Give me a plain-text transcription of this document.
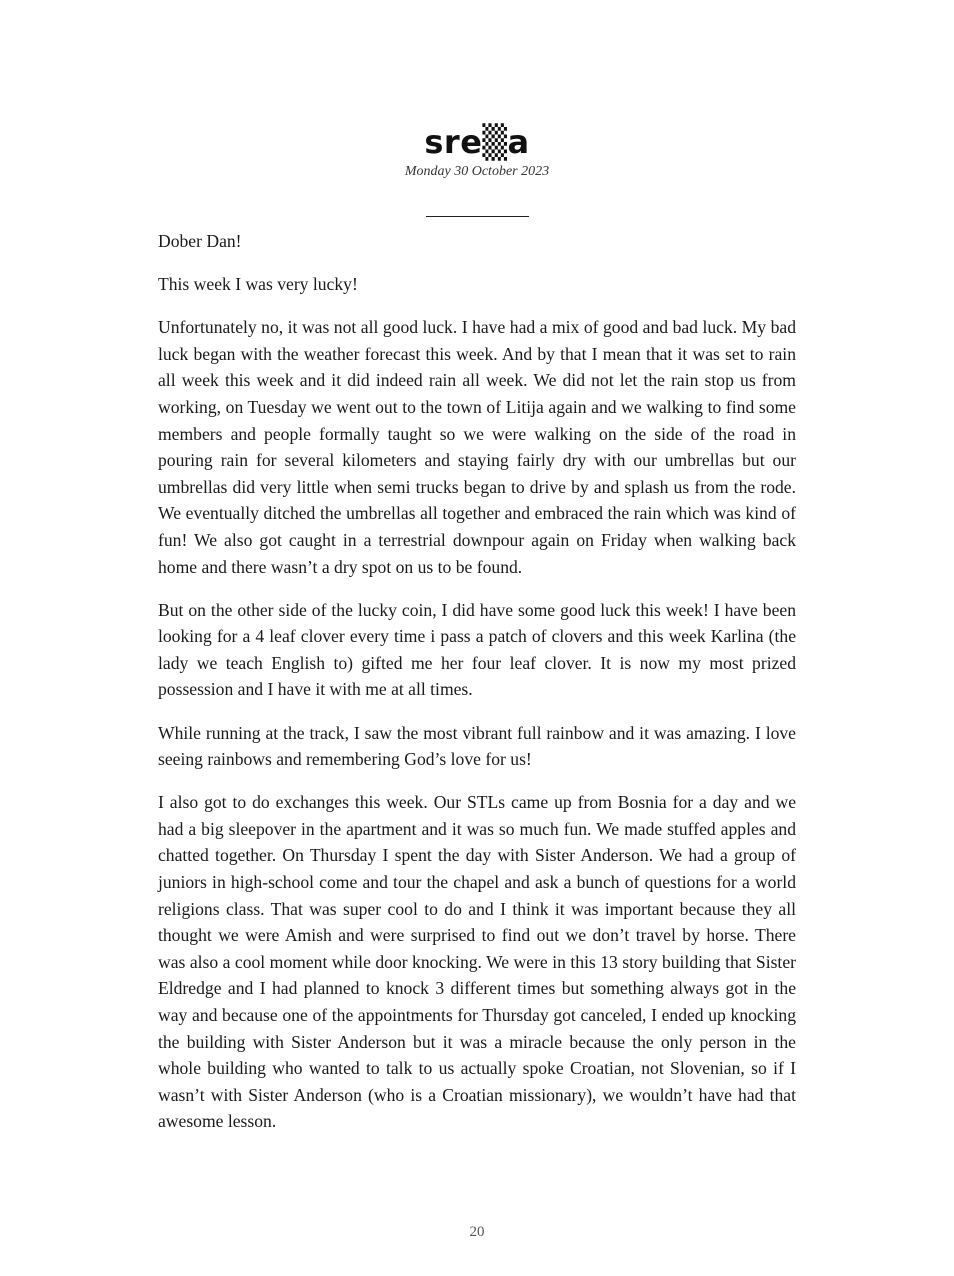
sre▒a
Monday 30 October 2023

Dober Dan!

This week I was very lucky!

Unfortunately no, it was not all good luck. I have had a mix of good and bad luck. My bad luck began with the weather forecast this week. And by that I mean that it was set to rain all week this week and it did indeed rain all week. We did not let the rain stop us from working, on Tuesday we went out to the town of Litija again and we walking to find some members and people formally taught so we were walking on the side of the road in pouring rain for several kilometers and staying fairly dry with our umbrellas but our umbrellas did very little when semi trucks began to drive by and splash us from the rode. We eventually ditched the umbrellas all together and embraced the rain which was kind of fun! We also got caught in a terrestrial downpour again on Friday when walking back home and there wasn’t a dry spot on us to be found.

But on the other side of the lucky coin, I did have some good luck this week! I have been looking for a 4 leaf clover every time i pass a patch of clovers and this week Karlina (the lady we teach English to) gifted me her four leaf clover. It is now my most prized possession and I have it with me at all times.

While running at the track, I saw the most vibrant full rainbow and it was amazing. I love seeing rainbows and remembering God’s love for us!

I also got to do exchanges this week. Our STLs came up from Bosnia for a day and we had a big sleepover in the apartment and it was so much fun. We made stuffed apples and chatted together. On Thursday I spent the day with Sister Anderson. We had a group of juniors in high-school come and tour the chapel and ask a bunch of questions for a world religions class. That was super cool to do and I think it was important because they all thought we were Amish and were surprised to find out we don’t travel by horse. There was also a cool moment while door knocking. We were in this 13 story building that Sister Eldredge and I had planned to knock 3 different times but something always got in the way and because one of the appointments for Thursday got canceled, I ended up knocking the building with Sister Anderson but it was a miracle because the only person in the whole building who wanted to talk to us actually spoke Croatian, not Slovenian, so if I wasn’t with Sister Anderson (who is a Croatian missionary), we wouldn’t have had that awesome lesson.

20
